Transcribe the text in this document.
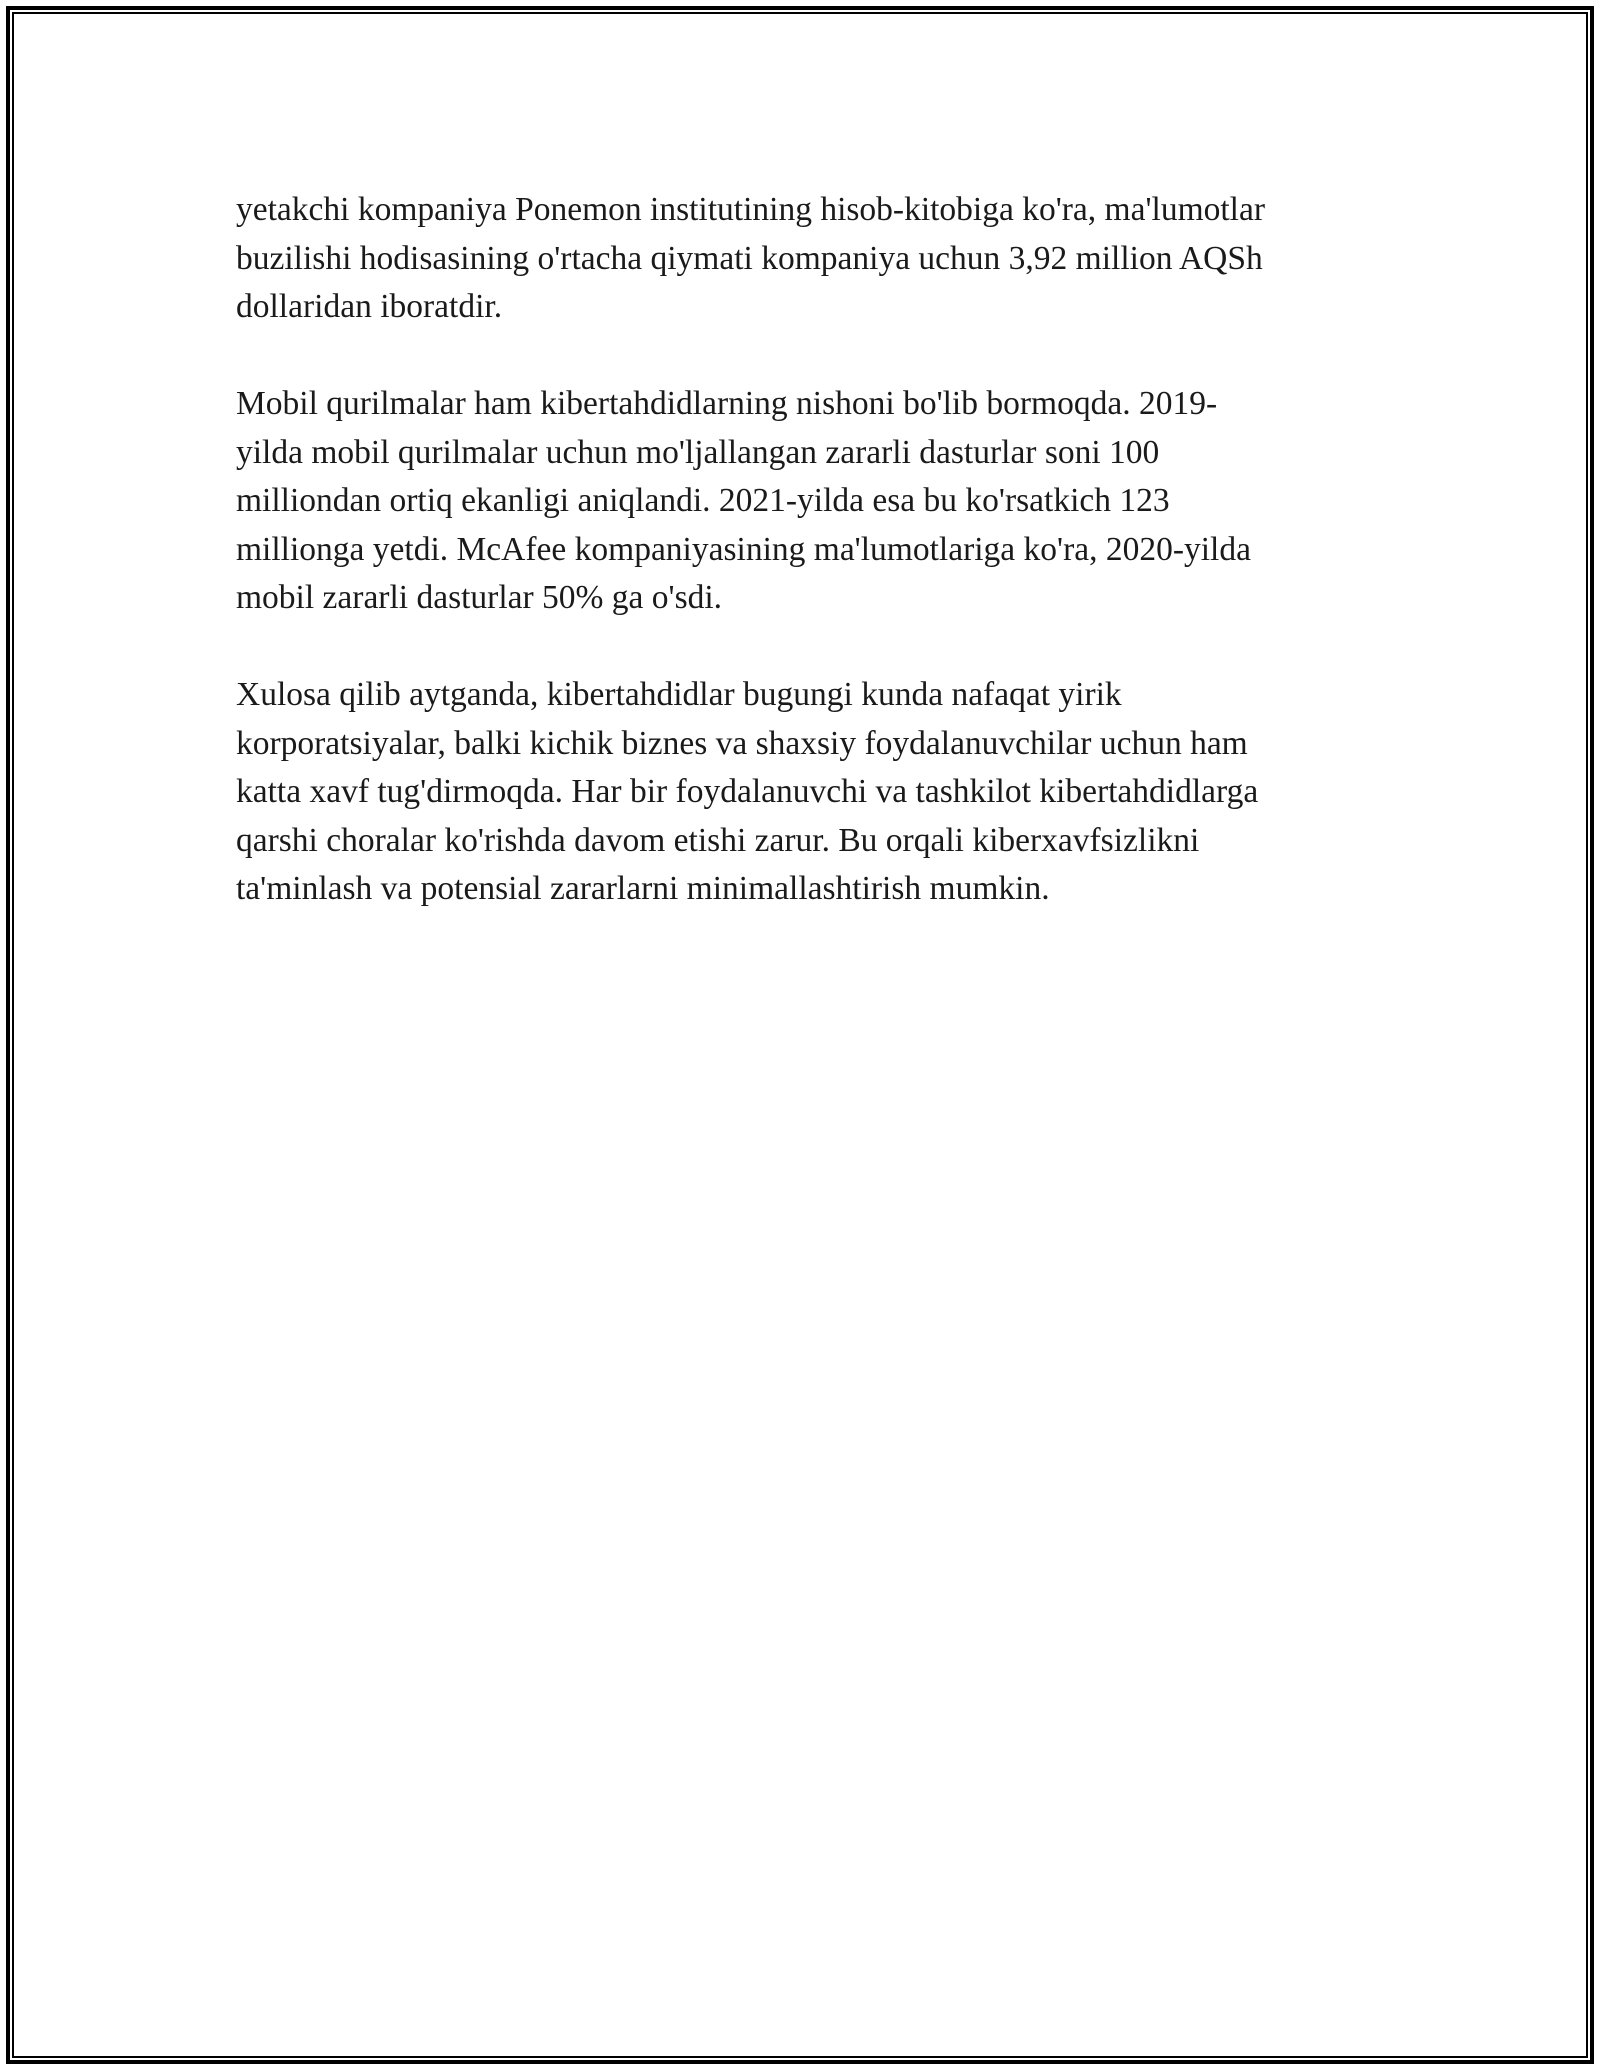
yetakchi kompaniya Ponemon institutining hisob-kitobiga ko'ra, ma'lumotlar
buzilishi hodisasining o'rtacha qiymati kompaniya uchun 3,92 million AQSh
dollaridan iboratdir.

Mobil qurilmalar ham kibertahdidlarning nishoni bo'lib bormoqda. 2019-
yilda mobil qurilmalar uchun mo'ljallangan zararli dasturlar soni 100
milliondan ortiq ekanligi aniqlandi. 2021-yilda esa bu ko'rsatkich 123
millionga yetdi. McAfee kompaniyasining ma'lumotlariga ko'ra, 2020-yilda
mobil zararli dasturlar 50% ga o'sdi.

Xulosa qilib aytganda, kibertahdidlar bugungi kunda nafaqat yirik
korporatsiyalar, balki kichik biznes va shaxsiy foydalanuvchilar uchun ham
katta xavf tug'dirmoqda. Har bir foydalanuvchi va tashkilot kibertahdidlarga
qarshi choralar ko'rishda davom etishi zarur. Bu orqali kiberxavfsizlikni
ta'minlash va potensial zararlarni minimallashtirish mumkin.
